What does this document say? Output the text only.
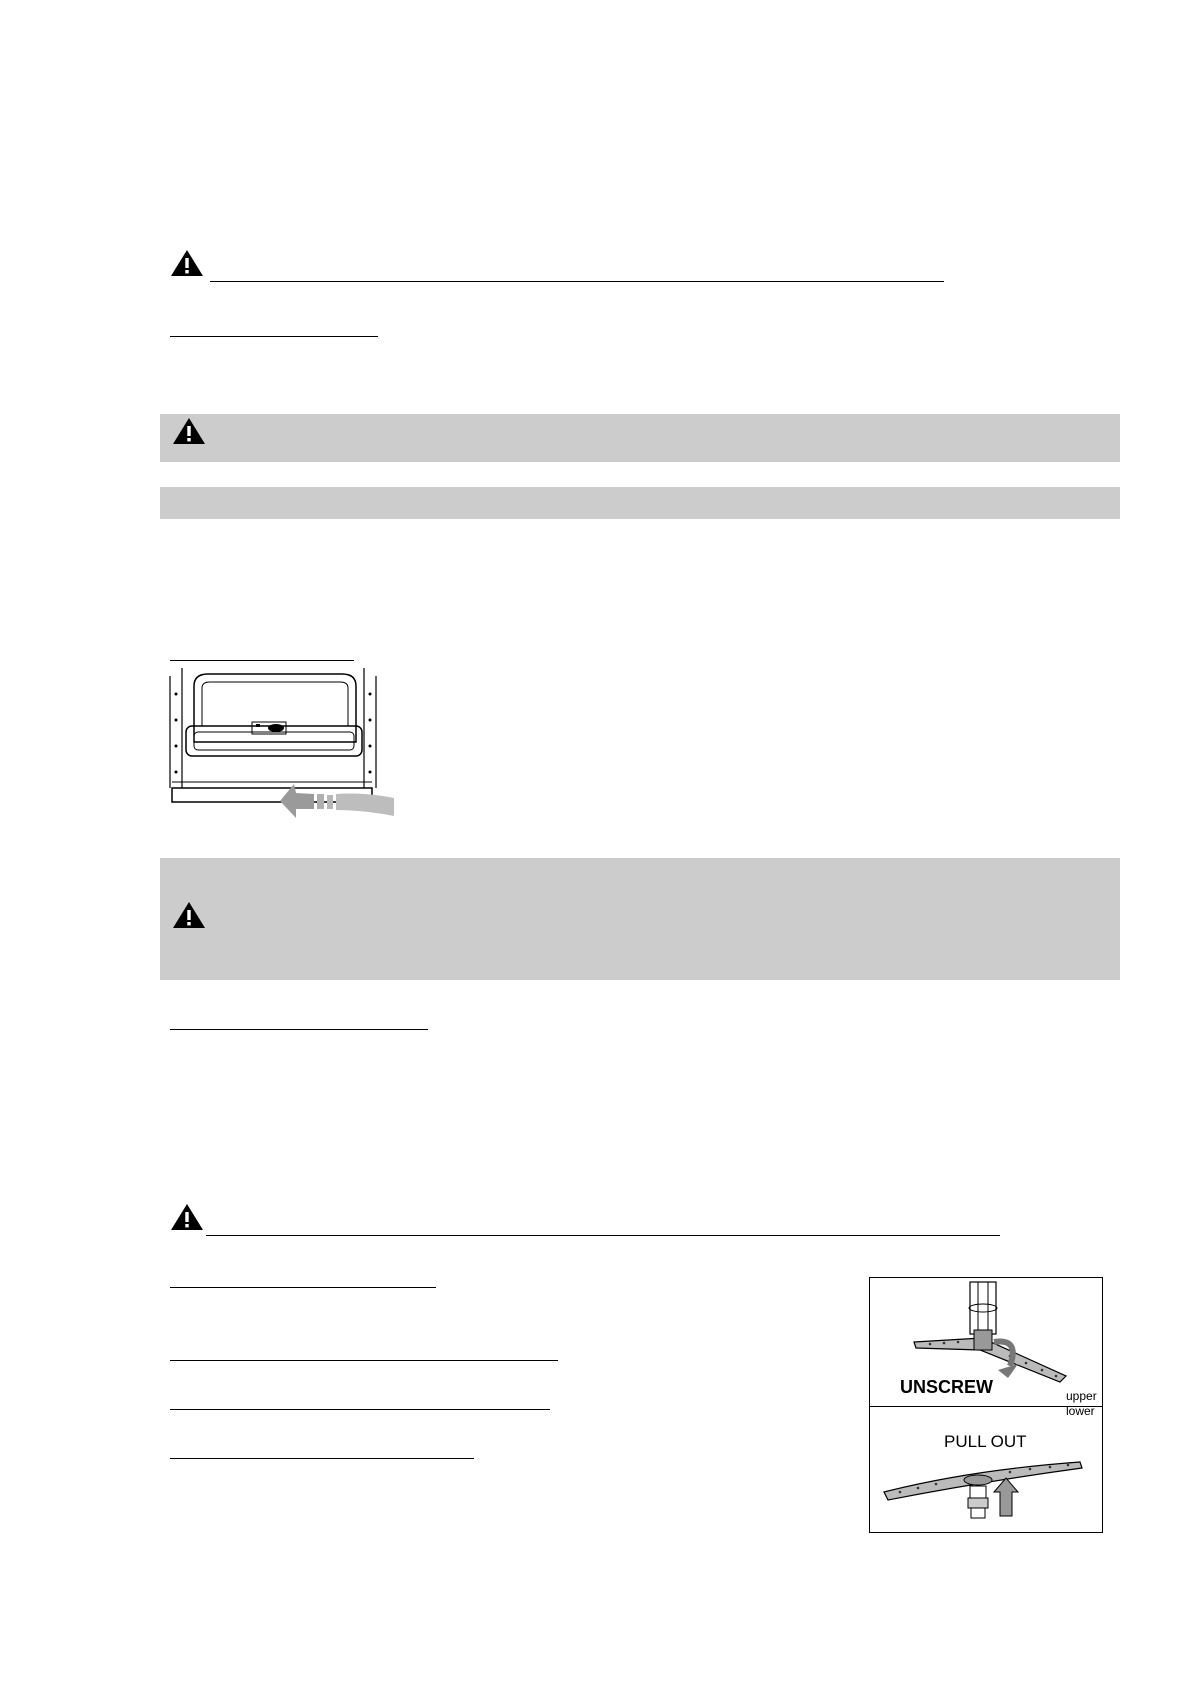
UNSCREW	upper
lower
PULL OUT
